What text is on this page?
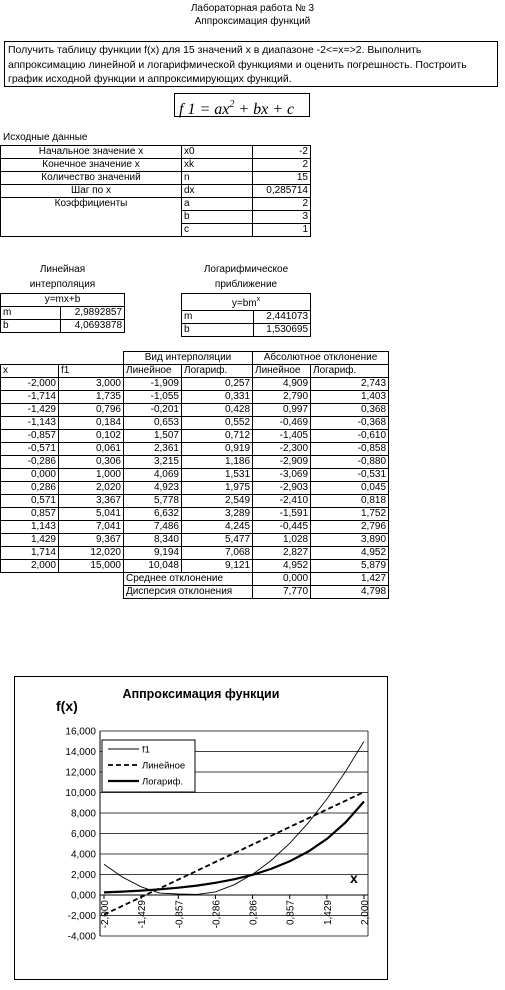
Лабораторная работа № 3
Аппроксимация функций
Получить таблицу функции f(x) для 15 значений x в диапазоне -2<=x=>2. Выполнить аппроксимацию линейной и логарифмической функциями и оценить погрешность. Построить график исходной функции и аппроксимирующих функций.
f $1 = ax^2$ + bx + c
Исходные данные
Начальное значение x	x0	-2
Конечное значение x	xk	2
Количество значений	n	15
Шаг по x	dx	0,285714
Коэффициенты	a	2
	b	3
	c	1
Линейная
интерполяция
y=mx+b	
m	2,9892857
b	4,0693878
Логарифмическое
приближение
$y=bm^x$
m	2,441073
b	1,530695
		Вид интерполяции		Абсолютное отклонение	
x	f1	Линейное	Логариф.	Линейное	Логариф.
-2,000	3,000	-1,909	0,257	4,909	2,743
-1,714	1,735	-1,055	0,331	2,790	1,403
-1,429	0,796	-0,201	0,428	0,997	0,368
-1,143	0,184	0,653	0,552	-0,469	-0,368
-0,857	0,102	1,507	0,712	-1,405	-0,610
-0,571	0,061	2,361	0,919	-2,300	-0,858
-0,286	0,306	3,215	1,186	-2,909	-0,880
0,000	1,000	4,069	1,531	-3,069	-0,531
0,286	2,020	4,923	1,975	-2,903	0,045
0,571	3,367	5,778	2,549	-2,410	0,818
0,857	5,041	6,632	3,289	-1,591	1,752
1,143	7,041	7,486	4,245	-0,445	2,796
1,429	9,367	8,340	5,477	1,028	3,890
1,714	12,020	9,194	7,068	2,827	4,952
2,000	15,000	10,048	9,121	4,952	5,879
		Среднее отклонение		0,000	1,427
		Дисперсия отклонения		7,770	4,798
-4,000
-2,000
0,000
2,000
4,000
6,000
8,000
10,000
12,000
14,000
16,000
-2,000	-1,429	-0,857	-0,286	0,286	0,857	1,429	2,000
f1
Линейное
Логариф.
Аппроксимация функции
f(x)
x
